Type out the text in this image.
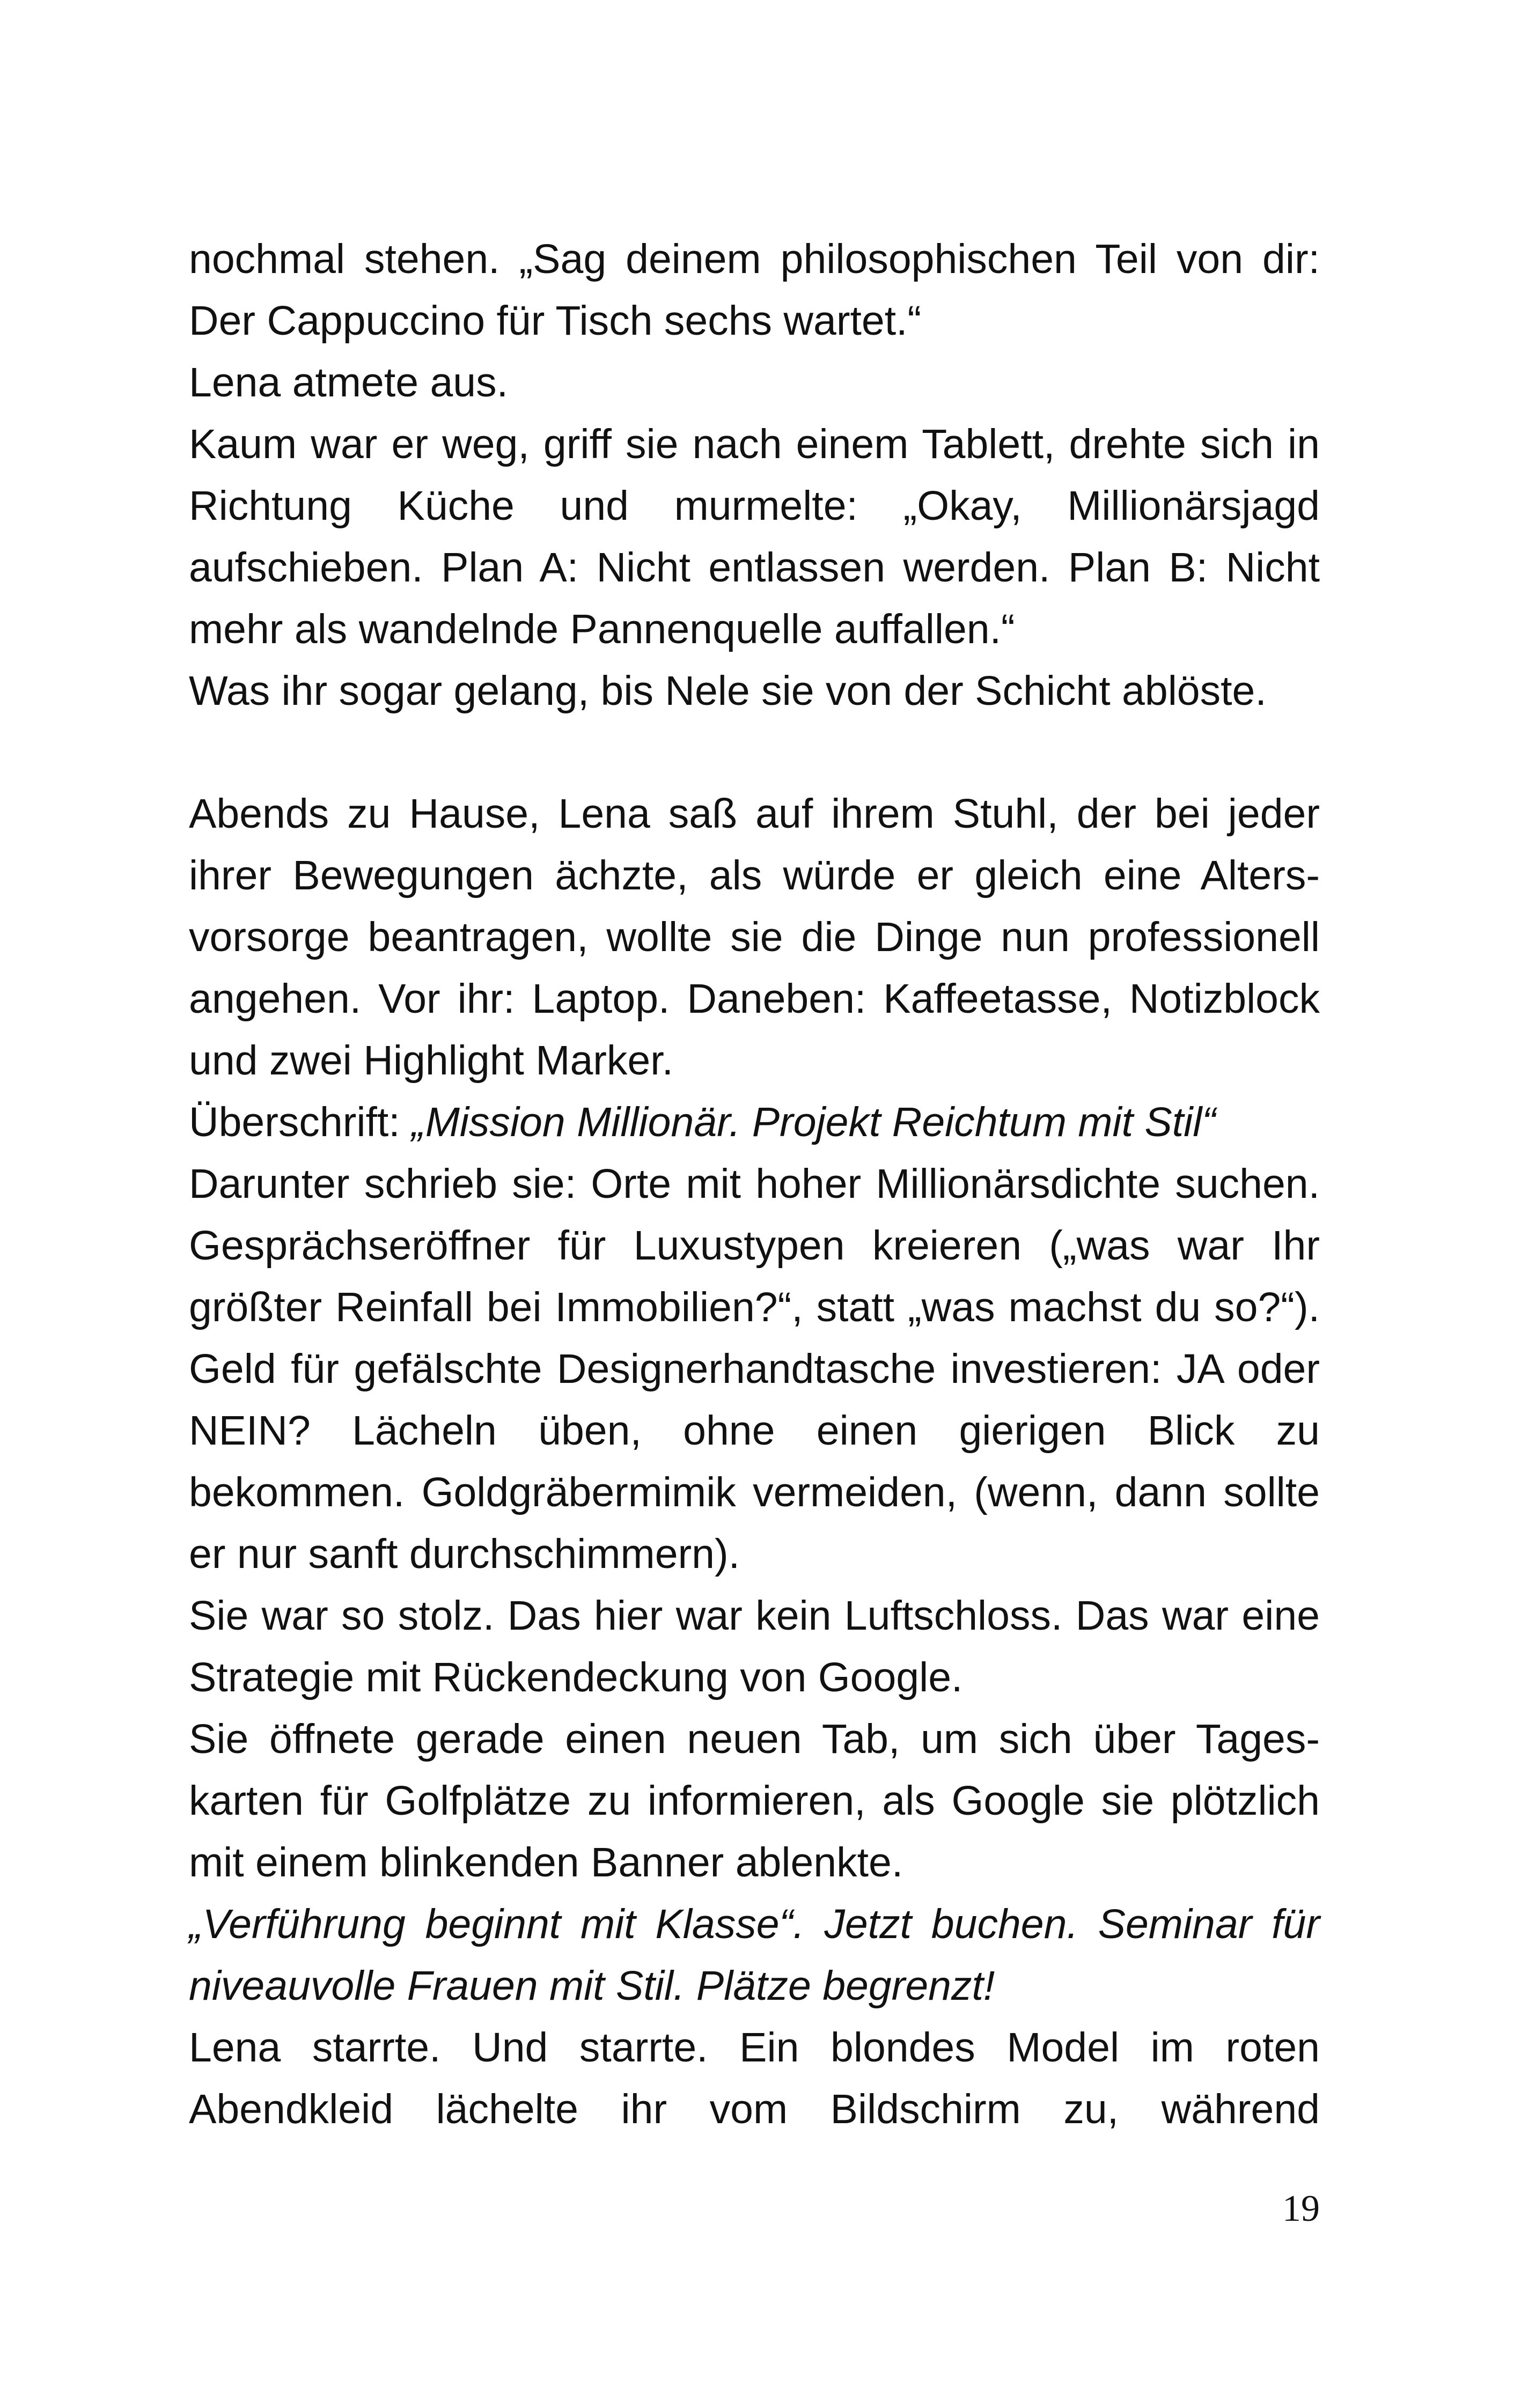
nochmal stehen. „Sag deinem philosophischen Teil von dir: Der Cappuccino für Tisch sechs wartet.“

Lena atmete aus.

Kaum war er weg, griff sie nach einem Tablett, drehte sich in Richtung Küche und murmelte: „Okay, Millionärsjagd aufschieben. Plan A: Nicht entlassen werden. Plan B: Nicht mehr als wandelnde Pannenquelle auffallen.“

Was ihr sogar gelang, bis Nele sie von der Schicht ablöste.

Abends zu Hause, Lena saß auf ihrem Stuhl, der bei jeder ihrer Bewegungen ächzte, als würde er gleich eine Altersvorsorge beantragen, wollte sie die Dinge nun professionell angehen. Vor ihr: Laptop. Daneben: Kaffeetasse, Notizblock und zwei Highlight Marker.

Überschrift: „Mission Millionär. Projekt Reichtum mit Stil“

Darunter schrieb sie: Orte mit hoher Millionärsdichte suchen. Gesprächseröffner für Luxustypen kreieren („was war Ihr größter Reinfall bei Immobilien?“, statt „was machst du so?“). Geld für gefälschte Designerhandtasche investieren: JA oder NEIN? Lächeln üben, ohne einen gierigen Blick zu bekommen. Goldgräbermimik vermeiden, (wenn, dann sollte er nur sanft durchschimmern).

Sie war so stolz. Das hier war kein Luftschloss. Das war eine Strategie mit Rückendeckung von Google.

Sie öffnete gerade einen neuen Tab, um sich über Tageskarten für Golfplätze zu informieren, als Google sie plötzlich mit einem blinkenden Banner ablenkte.

„Verführung beginnt mit Klasse“. Jetzt buchen. Seminar für niveauvolle Frauen mit Stil. Plätze begrenzt!

Lena starrte. Und starrte. Ein blondes Model im roten Abendkleid lächelte ihr vom Bildschirm zu, während

19
